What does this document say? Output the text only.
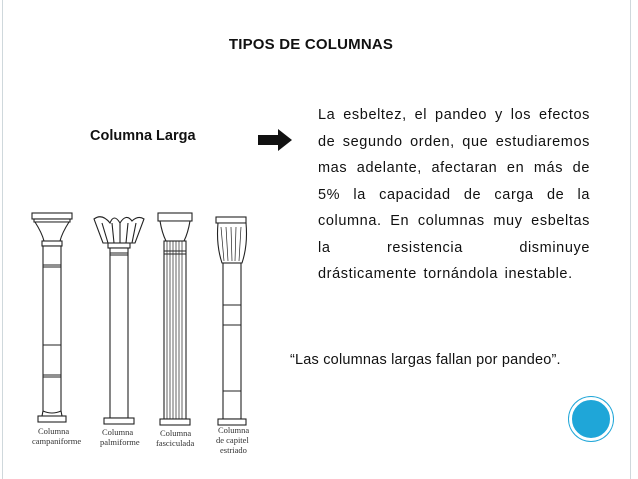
TIPOS DE COLUMNAS
Columna Larga
La esbeltez, el pandeo y los efectos de segundo orden, que estudiaremos mas adelante, afectaran en más de 5% la capacidad de carga de la columna. En columnas muy esbeltas la resistencia disminuye drásticamente tornándola inestable.
“Las columnas largas fallan por pandeo”.
Columna
campaniforme
Columna
palmiforme
Columna
fasciculada
Columna
de capitel
estriado
